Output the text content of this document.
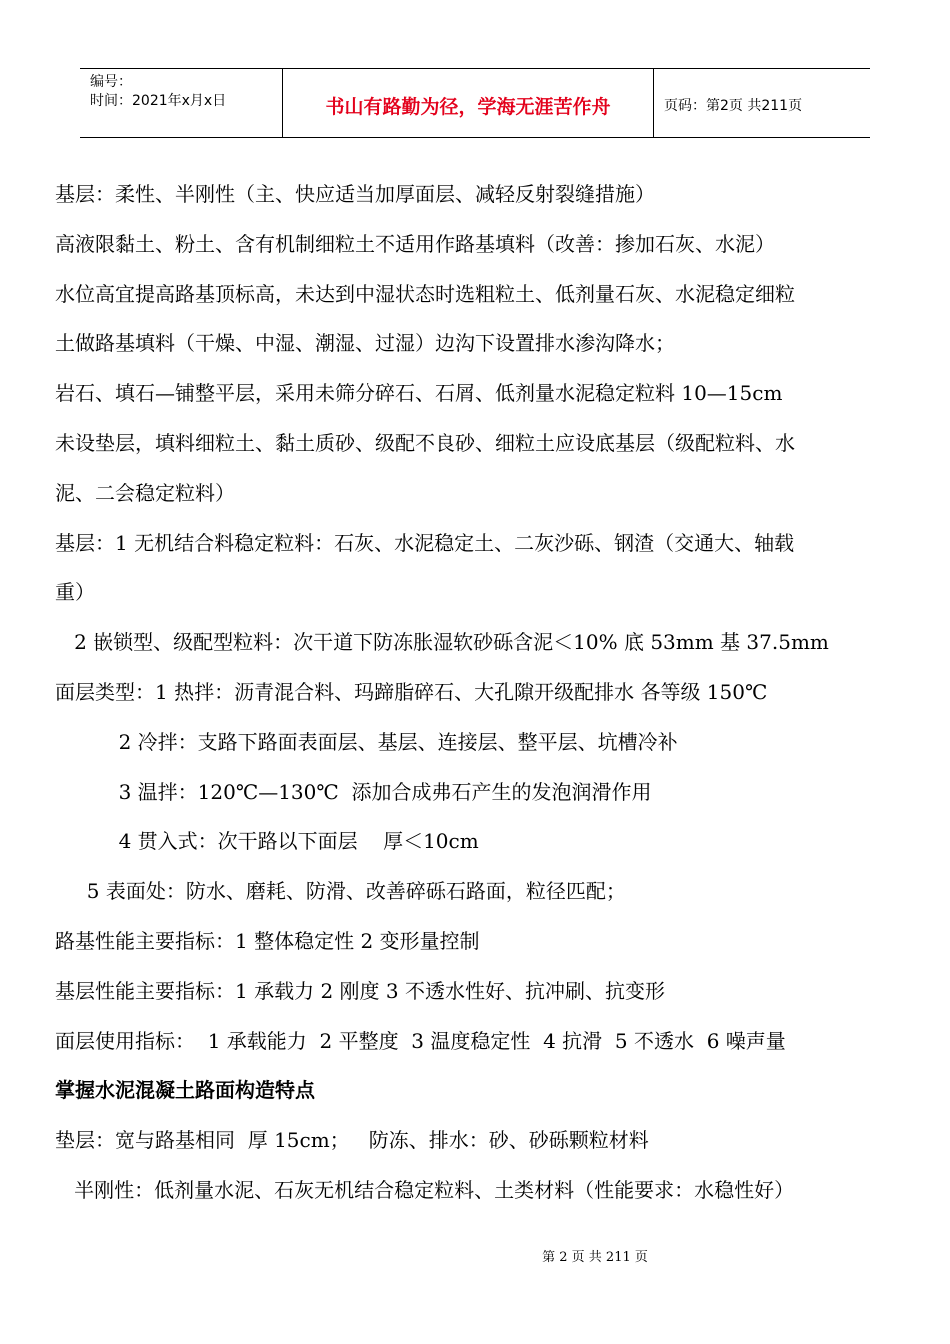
编号：
时间：2021年x月x日	书山有路勤为径，学海无涯苦作舟	页码：第2页 共211页
基层：柔性、半刚性（主、快应适当加厚面层、减轻反射裂缝措施）
高液限黏土、粉土、含有机制细粒土不适用作路基填料（改善：掺加石灰、水泥）
水位高宜提高路基顶标高，未达到中湿状态时选粗粒土、低剂量石灰、水泥稳定细粒
土做路基填料（干燥、中湿、潮湿、过湿）边沟下设置排水渗沟降水；
岩石、填石—铺整平层，采用未筛分碎石、石屑、低剂量水泥稳定粒料 10—15cm
未设垫层，填料细粒土、黏土质砂、级配不良砂、细粒土应设底基层（级配粒料、水
泥、二会稳定粒料）
基层：1 无机结合料稳定粒料：石灰、水泥稳定土、二灰沙砾、钢渣（交通大、轴载
重）
2 嵌锁型、级配型粒料：次干道下防冻胀湿软砂砾含泥＜10% 底 53mm 基 37.5mm
面层类型：1 热拌：沥青混合料、玛蹄脂碎石、大孔隙开级配排水 各等级 150℃
2 冷拌：支路下路面表面层、基层、连接层、整平层、坑槽冷补
3 温拌：120℃—130℃  添加合成弗石产生的发泡润滑作用
4 贯入式：次干路以下面层    厚＜10cm
5 表面处：防水、磨耗、防滑、改善碎砾石路面，粒径匹配；
路基性能主要指标：1 整体稳定性 2 变形量控制
基层性能主要指标：1 承载力 2 刚度 3 不透水性好、抗冲刷、抗变形
面层使用指标：  1 承载能力  2 平整度  3 温度稳定性  4 抗滑  5 不透水  6 噪声量
掌握水泥混凝土路面构造特点
垫层：宽与路基相同  厚 15cm；   防冻、排水：砂、砂砾颗粒材料
半刚性：低剂量水泥、石灰无机结合稳定粒料、土类材料（性能要求：水稳性好）
第 2 页 共 211 页
